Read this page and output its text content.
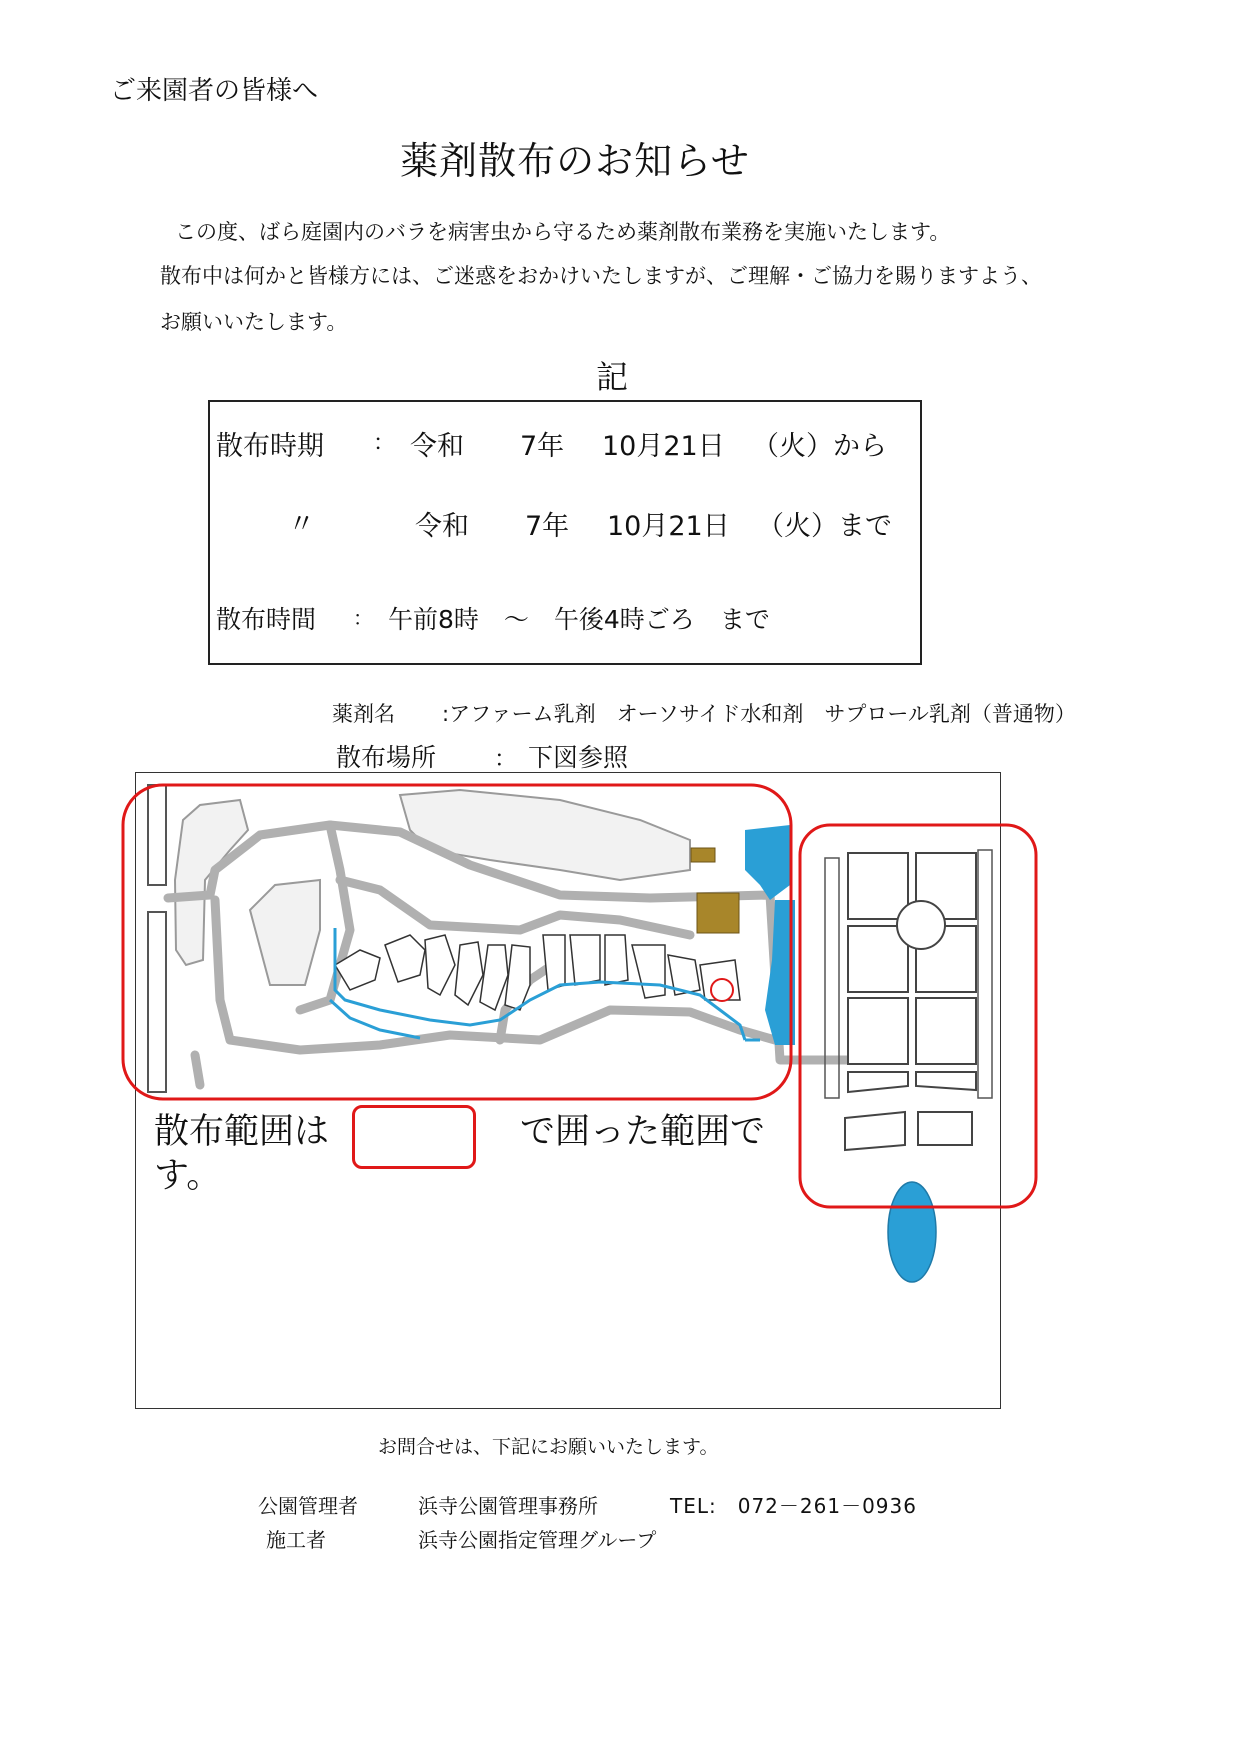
ご来園者の皆様へ
薬剤散布のお知らせ
この度、ばら庭園内のバラを病害虫から守るため薬剤散布業務を実施いたします。
散布中は何かと皆様方には、ご迷惑をおかけいたしますが、ご理解・ご協力を賜りますよう、
お願いいたします。
記
散布時期 ： 令和 7年 10月21日 （火）から
〃	令和 7年 10月21日 （火）まで
散布時間 ： 午前8時　～　午後4時ごろ　まで
薬剤名 :アファーム乳剤　オーソサイド水和剤　サプロール乳剤（普通物）
散布場所	： 下図参照
散布範囲は	で囲った範囲で
す。
お問合せは、下記にお願いいたします。
公園管理者	浜寺公園管理事務所	TEL:　072－261－0936
施工者	浜寺公園指定管理グループ
